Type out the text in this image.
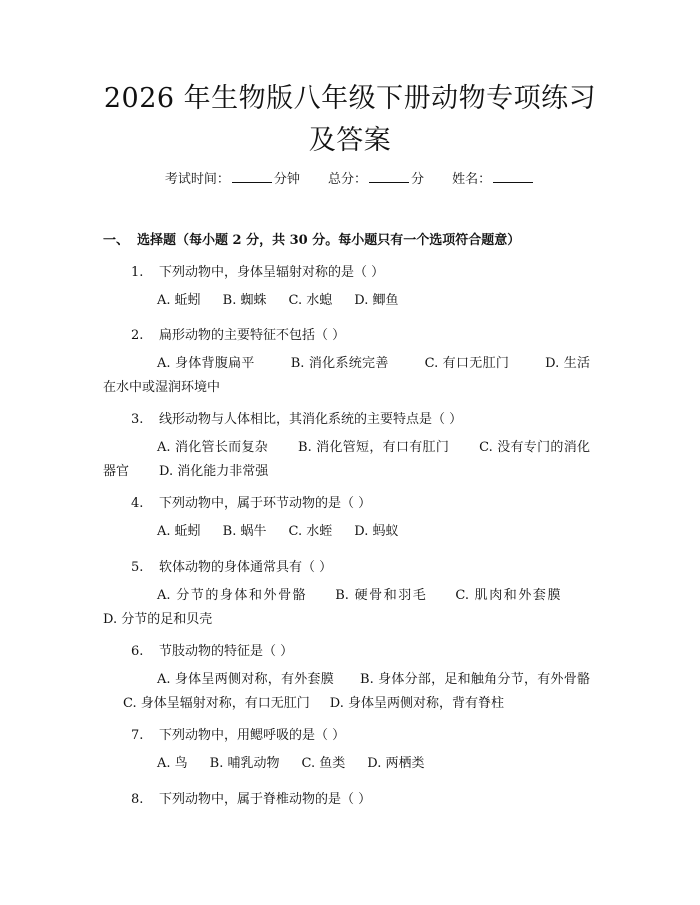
2026 年生物版八年级下册动物专项练习及答案
考试时间：	分钟 总分：	分 姓名：
一、 选择题（每小题 2 分，共 30 分。每小题只有一个选项符合题意）
1. 下列动物中，身体呈辐射对称的是（ ）
A. 蚯蚓 B. 蜘蛛 C. 水螅 D. 鲫鱼
2. 扁形动物的主要特征不包括（ ）
A. 身体背腹扁平	B. 消化系统完善	C. 有口无肛门	D. 生活在水中或湿润环境中
3. 线形动物与人体相比，其消化系统的主要特点是（ ）
A. 消化管长而复杂 B. 消化管短，有口有肛门 C. 没有专门的消化器官 D. 消化能力非常强
4. 下列动物中，属于环节动物的是（ ）
A. 蚯蚓 B. 蜗牛 C. 水蛭 D. 蚂蚁
5. 软体动物的身体通常具有（ ）
A. 分节的身体和外骨骼 B. 硬骨和羽毛 C. 肌肉和外套膜D. 分节的足和贝壳
6. 节肢动物的特征是（ ）
A. 身体呈两侧对称，有外套膜 B. 身体分部，足和触角分节，有外骨骼C. 身体呈辐射对称，有口无肛门 D. 身体呈两侧对称，背有脊柱
7. 下列动物中，用鳃呼吸的是（ ）
A. 鸟 B. 哺乳动物 C. 鱼类 D. 两栖类
8. 下列动物中，属于脊椎动物的是（ ）
